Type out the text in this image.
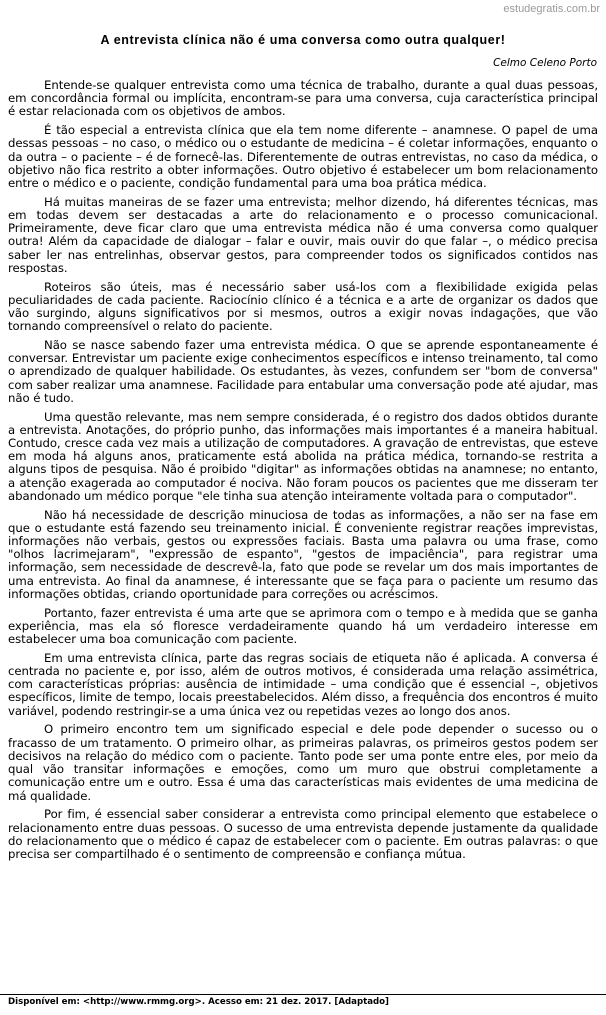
estudegratis.com.br
A entrevista clínica não é uma conversa como outra qualquer!
Celmo Celeno Porto

Entende-se qualquer entrevista como uma técnica de trabalho, durante a qual duas pessoas, em concordância formal ou implícita, encontram-se para uma conversa, cuja característica principal é estar relacionada com os objetivos de ambos.

É tão especial a entrevista clínica que ela tem nome diferente – anamnese. O papel de uma dessas pessoas – no caso, o médico ou o estudante de medicina – é coletar informações, enquanto o da outra – o paciente – é de fornecê-las. Diferentemente de outras entrevistas, no caso da médica, o objetivo não fica restrito a obter informações. Outro objetivo é estabelecer um bom relacionamento entre o médico e o paciente, condição fundamental para uma boa prática médica.

Há muitas maneiras de se fazer uma entrevista; melhor dizendo, há diferentes técnicas, mas em todas devem ser destacadas a arte do relacionamento e o processo comunicacional. Primeiramente, deve ficar claro que uma entrevista médica não é uma conversa como qualquer outra! Além da capacidade de dialogar – falar e ouvir, mais ouvir do que falar –, o médico precisa saber ler nas entrelinhas, observar gestos, para compreender todos os significados contidos nas respostas.

Roteiros são úteis, mas é necessário saber usá-los com a flexibilidade exigida pelas peculiaridades de cada paciente. Raciocínio clínico é a técnica e a arte de organizar os dados que vão surgindo, alguns significativos por si mesmos, outros a exigir novas indagações, que vão tornando compreensível o relato do paciente.

Não se nasce sabendo fazer uma entrevista médica. O que se aprende espontaneamente é conversar. Entrevistar um paciente exige conhecimentos específicos e intenso treinamento, tal como o aprendizado de qualquer habilidade. Os estudantes, às vezes, confundem ser "bom de conversa" com saber realizar uma anamnese. Facilidade para entabular uma conversação pode até ajudar, mas não é tudo.

Uma questão relevante, mas nem sempre considerada, é o registro dos dados obtidos durante a entrevista. Anotações, do próprio punho, das informações mais importantes é a maneira habitual. Contudo, cresce cada vez mais a utilização de computadores. A gravação de entrevistas, que esteve em moda há alguns anos, praticamente está abolida na prática médica, tornando-se restrita a alguns tipos de pesquisa. Não é proibido "digitar" as informações obtidas na anamnese; no entanto, a atenção exagerada ao computador é nociva. Não foram poucos os pacientes que me disseram ter abandonado um médico porque "ele tinha sua atenção inteiramente voltada para o computador".

Não há necessidade de descrição minuciosa de todas as informações, a não ser na fase em que o estudante está fazendo seu treinamento inicial. É conveniente registrar reações imprevistas, informações não verbais, gestos ou expressões faciais. Basta uma palavra ou uma frase, como "olhos lacrimejaram", "expressão de espanto", "gestos de impaciência", para registrar uma informação, sem necessidade de descrevê-la, fato que pode se revelar um dos mais importantes de uma entrevista. Ao final da anamnese, é interessante que se faça para o paciente um resumo das informações obtidas, criando oportunidade para correções ou acréscimos.

Portanto, fazer entrevista é uma arte que se aprimora com o tempo e à medida que se ganha experiência, mas ela só floresce verdadeiramente quando há um verdadeiro interesse em estabelecer uma boa comunicação com paciente.

Em uma entrevista clínica, parte das regras sociais de etiqueta não é aplicada. A conversa é centrada no paciente e, por isso, além de outros motivos, é considerada uma relação assimétrica, com características próprias: ausência de intimidade – uma condição que é essencial –, objetivos específicos, limite de tempo, locais preestabelecidos. Além disso, a frequência dos encontros é muito variável, podendo restringir-se a uma única vez ou repetidas vezes ao longo dos anos.

O primeiro encontro tem um significado especial e dele pode depender o sucesso ou o fracasso de um tratamento. O primeiro olhar, as primeiras palavras, os primeiros gestos podem ser decisivos na relação do médico com o paciente. Tanto pode ser uma ponte entre eles, por meio da qual vão transitar informações e emoções, como um muro que obstrui completamente a comunicação entre um e outro. Essa é uma das características mais evidentes de uma medicina de má qualidade.

Por fim, é essencial saber considerar a entrevista como principal elemento que estabelece o relacionamento entre duas pessoas. O sucesso de uma entrevista depende justamente da qualidade do relacionamento que o médico é capaz de estabelecer com o paciente. Em outras palavras: o que precisa ser compartilhado é o sentimento de compreensão e confiança mútua.

Disponível em: <http://www.rmmg.org>. Acesso em: 21 dez. 2017. [Adaptado]
